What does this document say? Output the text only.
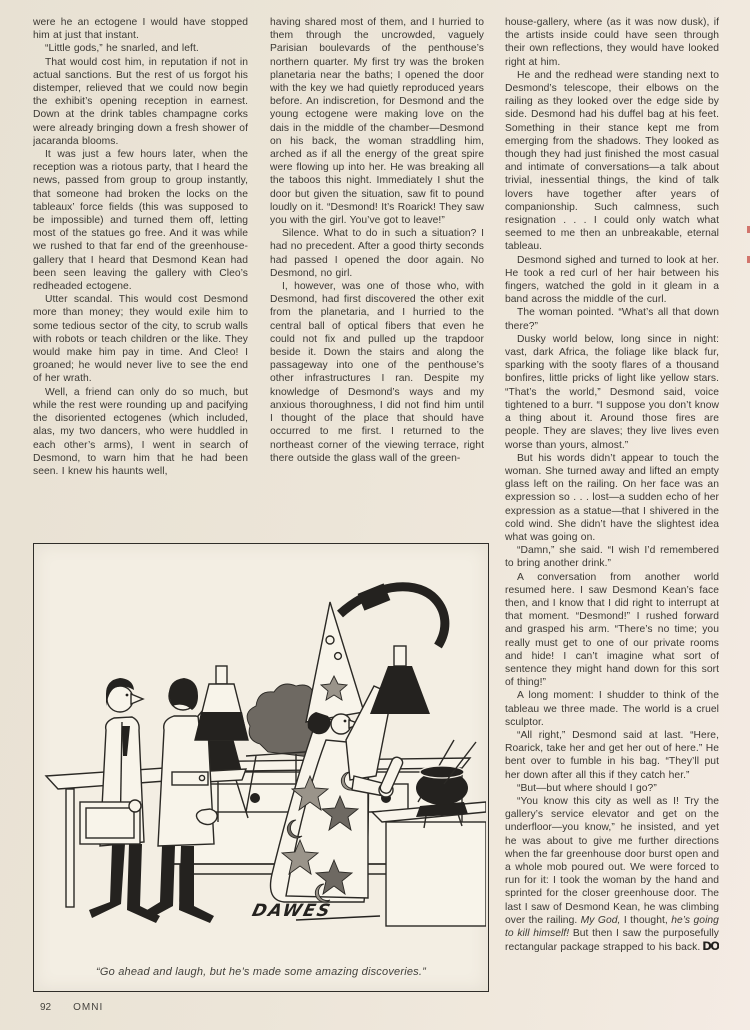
were he an ectogene I would have stopped him at just that instant.

“Little gods,” he snarled, and left.

That would cost him, in reputation if not in actual sanctions. But the rest of us forgot his distemper, relieved that we could now begin the exhibit’s opening reception in earnest. Down at the drink tables champagne corks were already bringing down a fresh shower of jacaranda blooms.

It was just a few hours later, when the reception was a riotous party, that I heard the news, passed from group to group instantly, that someone had broken the locks on the tableaux’ force fields (this was supposed to be impossible) and turned them off, letting most of the statues go free. And it was while we rushed to that far end of the greenhouse-gallery that I heard that Desmond Kean had been seen leaving the gallery with Cleo’s redheaded ectogene.

Utter scandal. This would cost Desmond more than money; they would exile him to some tedious sector of the city, to scrub walls with robots or teach children or the like. They would make him pay in time. And Cleo! I groaned; he would never live to see the end of her wrath.

Well, a friend can only do so much, but while the rest were rounding up and pacifying the disoriented ectogenes (which included, alas, my two dancers, who were huddled in each other’s arms), I went in search of Desmond, to warn him that he had been seen. I knew his haunts well,

having shared most of them, and I hurried to them through the uncrowded, vaguely Parisian boulevards of the penthouse’s northern quarter. My first try was the broken planetaria near the baths; I opened the door with the key we had quietly reproduced years before. An indiscretion, for Desmond and the young ectogene were making love on the dais in the middle of the chamber—Desmond on his back, the woman straddling him, arched as if all the energy of the great spire were flowing up into her. He was breaking all the taboos this night. Immediately I shut the door but given the situation, saw fit to pound loudly on it. “Desmond! It’s Roarick! They saw you with the girl. You’ve got to leave!”

Silence. What to do in such a situation? I had no precedent. After a good thirty seconds had passed I opened the door again. No Desmond, no girl.

I, however, was one of those who, with Desmond, had first discovered the other exit from the planetaria, and I hurried to the central ball of optical fibers that even he could not fix and pulled up the trapdoor beside it. Down the stairs and along the passageway into one of the penthouse’s other infrastructures I ran. Despite my knowledge of Desmond’s ways and my anxious thoroughness, I did not find him until I thought of the place that should have occurred to me first. I returned to the northeast corner of the viewing terrace, right there outside the glass wall of the green-

house-gallery, where (as it was now dusk), if the artists inside could have seen through their own reflections, they would have looked right at him.

He and the redhead were standing next to Desmond’s telescope, their elbows on the railing as they looked over the edge side by side. Desmond had his duffel bag at his feet. Something in their stance kept me from emerging from the shadows. They looked as though they had just finished the most casual and intimate of conversations—a talk about trivial, inessential things, the kind of talk lovers have together after years of companionship. Such calmness, such resignation . . . I could only watch what seemed to me then an unbreakable, eternal tableau.

Desmond sighed and turned to look at her. He took a red curl of her hair between his fingers, watched the gold in it gleam in a band across the middle of the curl.

The woman pointed. “What’s all that down there?”

Dusky world below, long since in night: vast, dark Africa, the foliage like black fur, sparking with the sooty flares of a thousand bonfires, little pricks of light like yellow stars. “That’s the world,” Desmond said, voice tightened to a burr. “I suppose you don’t know a thing about it. Around those fires are people. They are slaves; they live lives even worse than yours, almost.”

But his words didn’t appear to touch the woman. She turned away and lifted an empty glass left on the railing. On her face was an expression so . . . lost—a sudden echo of her expression as a statue—that I shivered in the cold wind. She didn’t have the slightest idea what was going on.

“Damn,” she said. “I wish I’d remembered to bring another drink.”

A conversation from another world resumed here. I saw Desmond Kean’s face then, and I know that I did right to interrupt at that moment. “Desmond!” I rushed forward and grasped his arm. “There’s no time; you really must get to one of our private rooms and hide! I can’t imagine what sort of sentence they might hand down for this sort of thing!”

A long moment: I shudder to think of the tableau we three made. The world is a cruel sculptor.

“All right,” Desmond said at last. “Here, Roarick, take her and get her out of here.” He bent over to fumble in his bag. “They’ll put her down after all this if they catch her.”

“But—but where should I go?”

“You know this city as well as I! Try the gallery’s service elevator and get on the underfloor—you know,” he insisted, and yet he was about to give me further directions when the far greenhouse door burst open and a whole mob poured out. We were forced to run for it: I took the woman by the hand and sprinted for the closer greenhouse door. The last I saw of Desmond Kean, he was climbing over the railing. My God, I thought, he’s going to kill himself! But then I saw the purposefully rectangular package strapped to his back. DO

DAWES
“Go ahead and laugh, but he’s made some amazing discoveries.”
92 OMNI
